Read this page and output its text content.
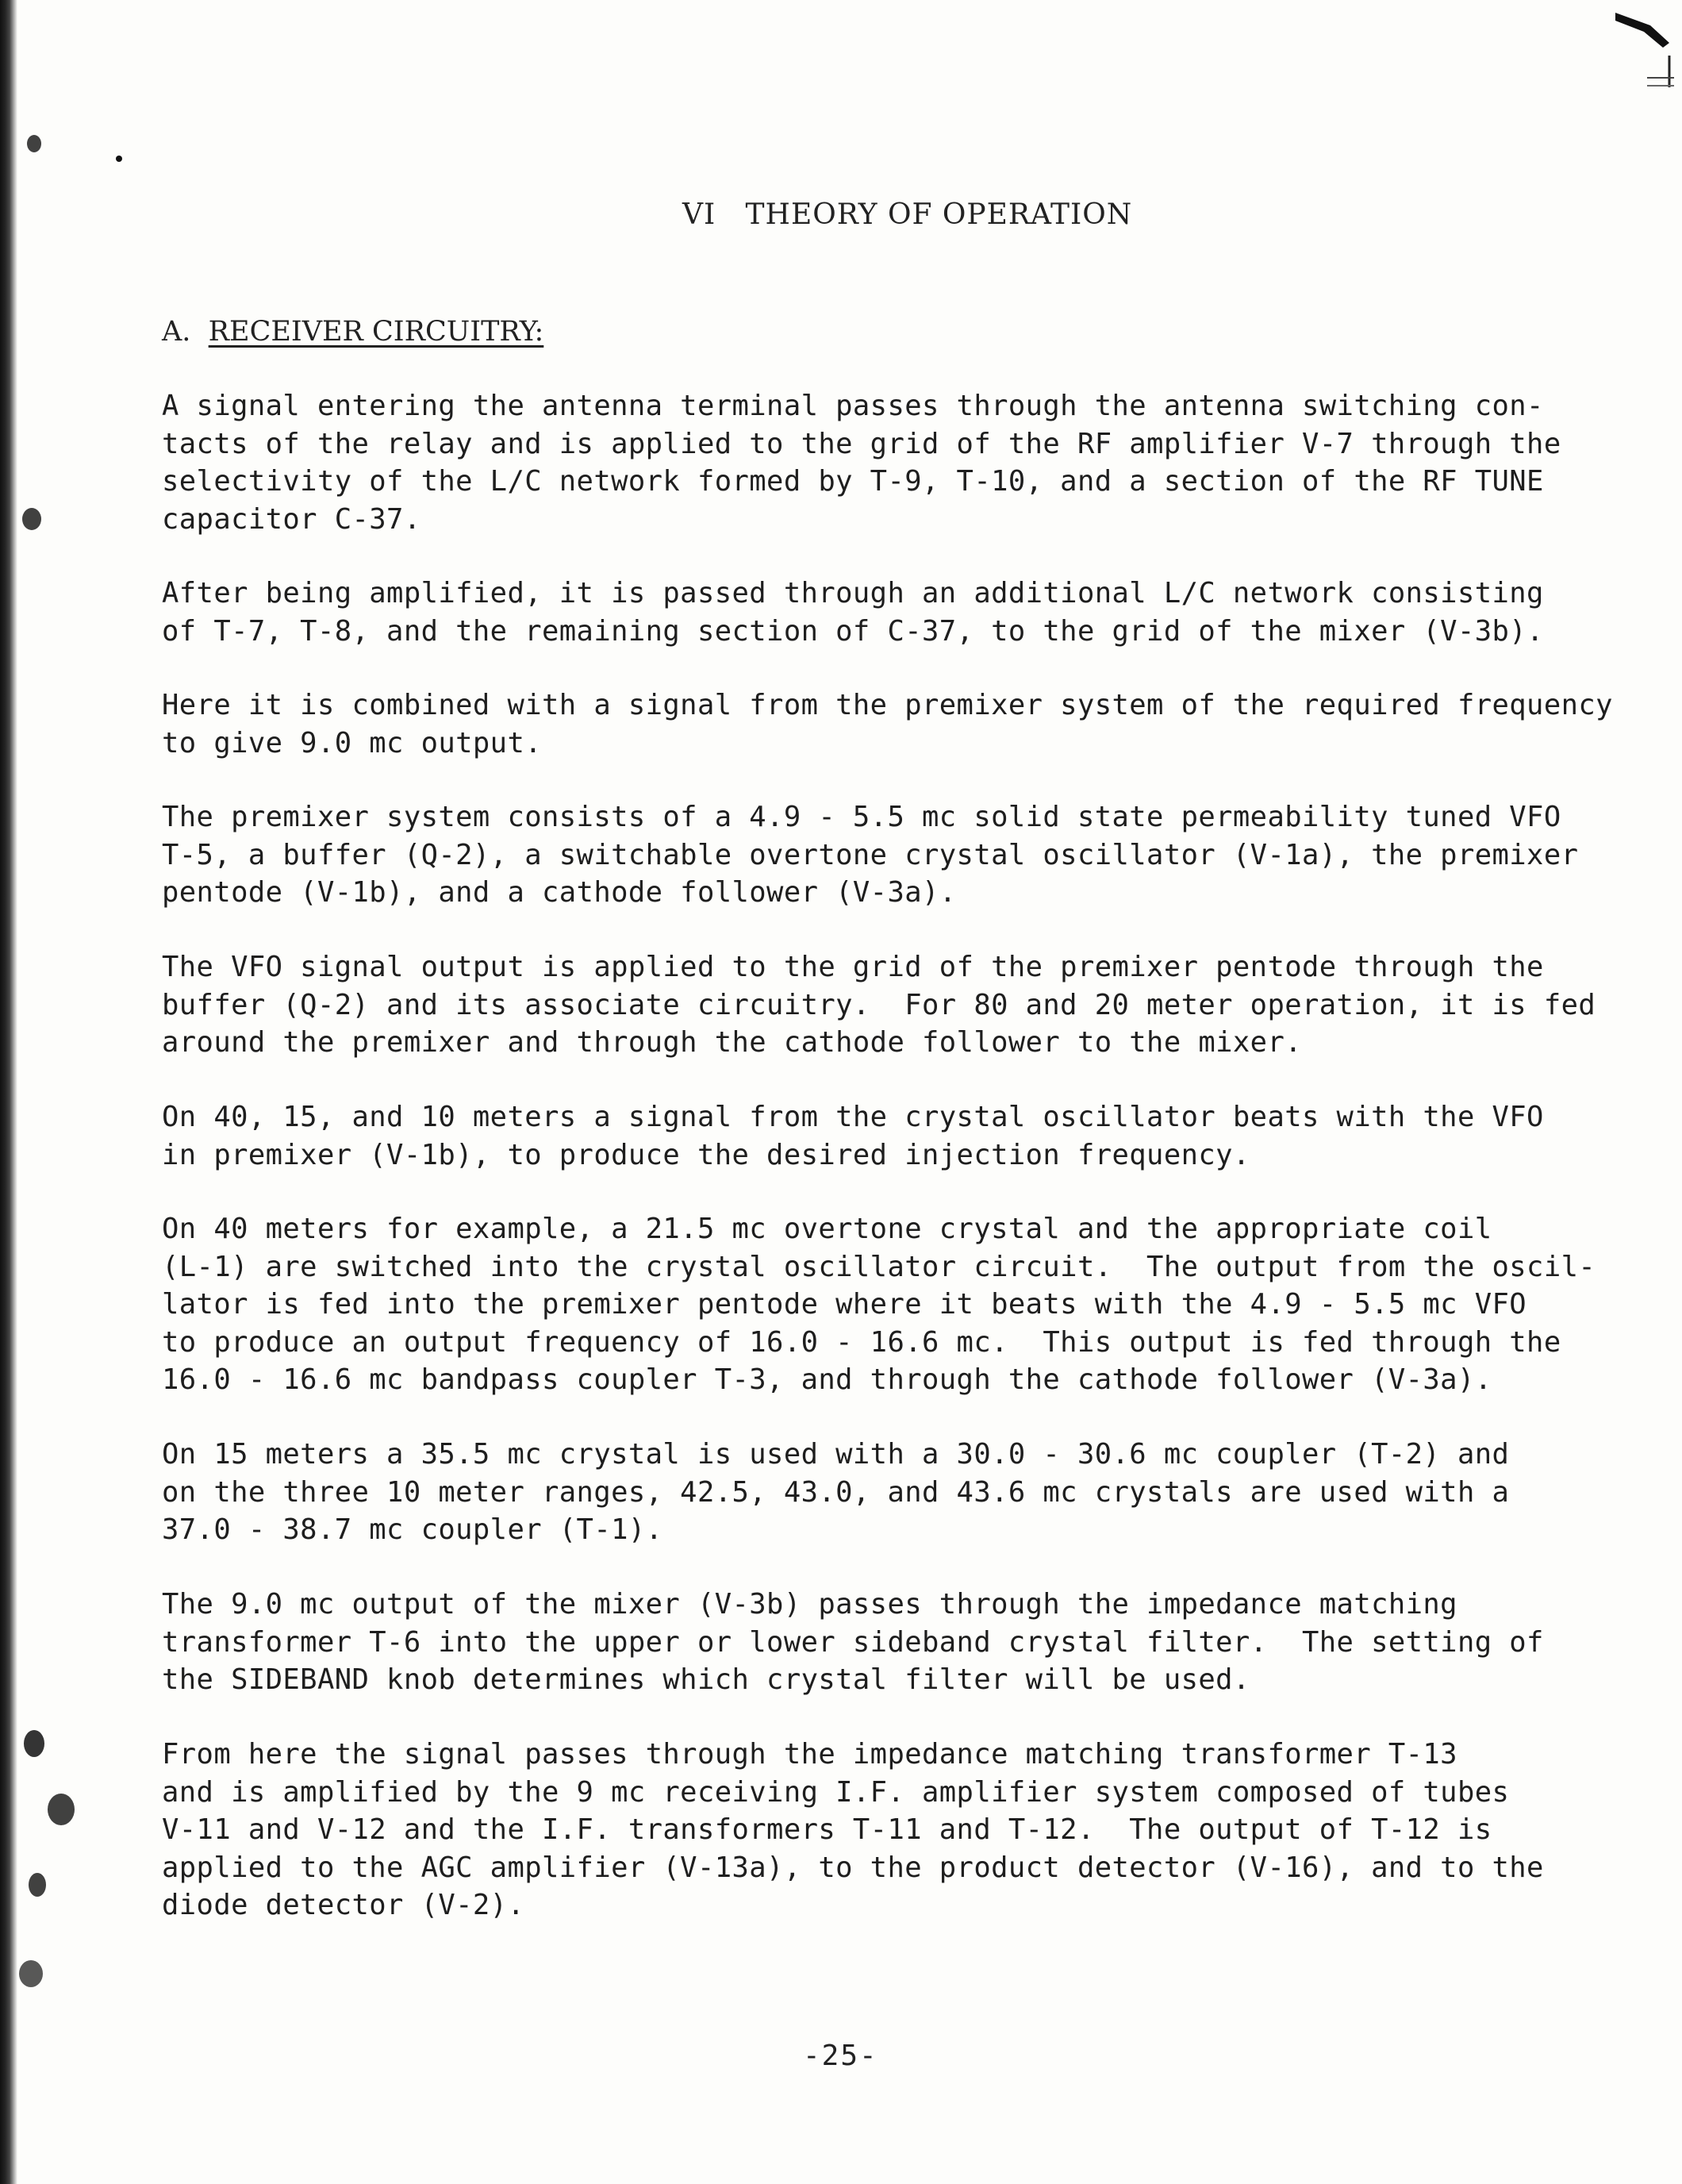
VI   THEORY OF OPERATION
A. RECEIVER CIRCUITRY:

A signal entering the antenna terminal passes through the antenna switching con-
tacts of the relay and is applied to the grid of the RF amplifier V-7 through the
selectivity of the L/C network formed by T-9, T-10, and a section of the RF TUNE
capacitor C-37.

After being amplified, it is passed through an additional L/C network consisting
of T-7, T-8, and the remaining section of C-37, to the grid of the mixer (V-3b).

Here it is combined with a signal from the premixer system of the required frequency
to give 9.0 mc output.

The premixer system consists of a 4.9 - 5.5 mc solid state permeability tuned VFO
T-5, a buffer (Q-2), a switchable overtone crystal oscillator (V-1a), the premixer
pentode (V-1b), and a cathode follower (V-3a).

The VFO signal output is applied to the grid of the premixer pentode through the
buffer (Q-2) and its associate circuitry.  For 80 and 20 meter operation, it is fed
around the premixer and through the cathode follower to the mixer.

On 40, 15, and 10 meters a signal from the crystal oscillator beats with the VFO
in premixer (V-1b), to produce the desired injection frequency.

On 40 meters for example, a 21.5 mc overtone crystal and the appropriate coil
(L-1) are switched into the crystal oscillator circuit.  The output from the oscil-
lator is fed into the premixer pentode where it beats with the 4.9 - 5.5 mc VFO
to produce an output frequency of 16.0 - 16.6 mc.  This output is fed through the
16.0 - 16.6 mc bandpass coupler T-3, and through the cathode follower (V-3a).

On 15 meters a 35.5 mc crystal is used with a 30.0 - 30.6 mc coupler (T-2) and
on the three 10 meter ranges, 42.5, 43.0, and 43.6 mc crystals are used with a
37.0 - 38.7 mc coupler (T-1).

The 9.0 mc output of the mixer (V-3b) passes through the impedance matching
transformer T-6 into the upper or lower sideband crystal filter.  The setting of
the SIDEBAND knob determines which crystal filter will be used.

From here the signal passes through the impedance matching transformer T-13
and is amplified by the 9 mc receiving I.F. amplifier system composed of tubes
V-11 and V-12 and the I.F. transformers T-11 and T-12.  The output of T-12 is
applied to the AGC amplifier (V-13a), to the product detector (V-16), and to the
diode detector (V-2).

-25-
